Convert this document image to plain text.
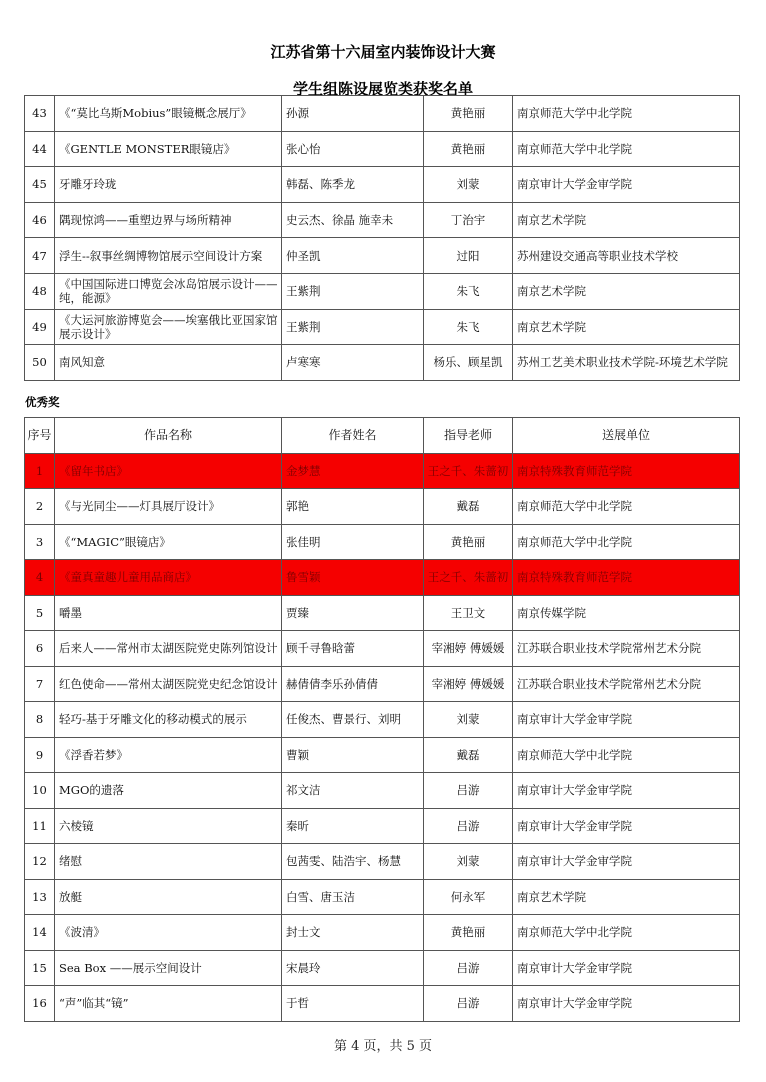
江苏省第十六届室内装饰设计大赛
学生组陈设展览类获奖名单
43	《“莫比乌斯Mobius”眼镜概念展厅》	孙源	黄艳丽	南京师范大学中北学院
44	《GENTLE MONSTER眼镜店》	张心怡	黄艳丽	南京师范大学中北学院
45	牙雕牙玲珑	韩磊、陈季龙	刘蒙	南京审计大学金审学院
46	隅现惊鸿——重塑边界与场所精神	史云杰、徐晶 施幸未	丁治宇	南京艺术学院
47	浮生--叙事丝绸博物馆展示空间设计方案	仲圣凯	过阳	苏州建设交通高等职业技术学校
48	《中国国际进口博览会冰岛馆展示设计——纯，能源》	王紫荆	朱飞	南京艺术学院
49	《大运河旅游博览会——埃塞俄比亚国家馆展示设计》	王紫荆	朱飞	南京艺术学院
50	南风知意	卢寒寒	杨乐、顾星凯	苏州工艺美术职业技术学院-环境艺术学院
优秀奖
序号	作品名称	作者姓名	指导老师	送展单位
1	《留年书店》	金梦慧	王之千、朱蔷初	南京特殊教育师范学院
2	《与光同尘——灯具展厅设计》	郭艳	戴磊	南京师范大学中北学院
3	《“MAGIC”眼镜店》	张佳明	黄艳丽	南京师范大学中北学院
4	《童真童趣儿童用品商店》	鲁雪颖	王之千、朱蔷初	南京特殊教育师范学院
5	嚼墨	贾臻	王卫文	南京传媒学院
6	后来人——常州市太湖医院党史陈列馆设计	顾千寻鲁晗蕾	宰湘婷 傅媛媛	江苏联合职业技术学院常州艺术分院
7	红色使命——常州太湖医院党史纪念馆设计	赫倩倩李乐孙倩倩	宰湘婷 傅媛媛	江苏联合职业技术学院常州艺术分院
8	轻巧-基于牙雕文化的移动模式的展示	任俊杰、曹景行、刘明	刘蒙	南京审计大学金审学院
9	《浮香若梦》	曹颖	戴磊	南京师范大学中北学院
10	MGO的遗落	祁文洁	吕游	南京审计大学金审学院
11	六棱镜	秦昕	吕游	南京审计大学金审学院
12	绪慰	包茜雯、陆浩宇、杨慧	刘蒙	南京审计大学金审学院
13	放艇	白雪、唐玉洁	何永军	南京艺术学院
14	《波清》	封士文	黄艳丽	南京师范大学中北学院
15	Sea Box ——展示空间设计	宋晨玲	吕游	南京审计大学金审学院
16	“声”临其“镜”	于哲	吕游	南京审计大学金审学院
第 4 页，共 5 页
